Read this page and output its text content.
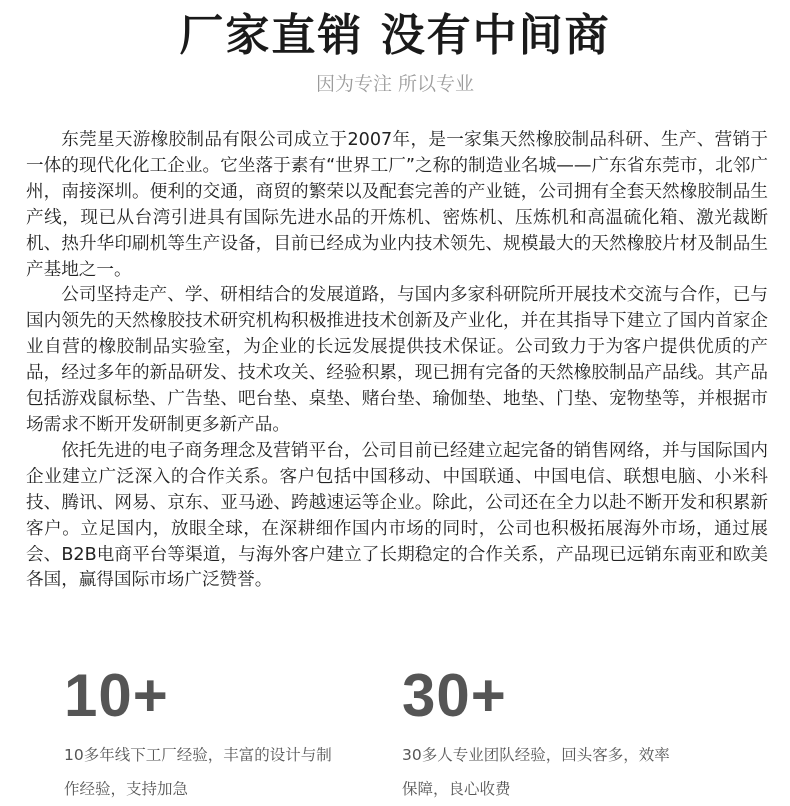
厂家直销 没有中间商
因为专注 所以专业

东莞星天游橡胶制品有限公司成立于2007年，是一家集天然橡胶制品科研、生产、营销于一体的现代化化工企业。它坐落于素有“世界工厂”之称的制造业名城——广东省东莞市，北邻广州，南接深圳。便利的交通，商贸的繁荣以及配套完善的产业链，公司拥有全套天然橡胶制品生产线，现已从台湾引进具有国际先进水品的开炼机、密炼机、压炼机和高温硫化箱、激光裁断机、热升华印刷机等生产设备，目前已经成为业内技术领先、规模最大的天然橡胶片材及制品生产基地之一。

公司坚持走产、学、研相结合的发展道路，与国内多家科研院所开展技术交流与合作，已与国内领先的天然橡胶技术研究机构积极推进技术创新及产业化，并在其指导下建立了国内首家企业自营的橡胶制品实验室，为企业的长远发展提供技术保证。公司致力于为客户提供优质的产品，经过多年的新品研发、技术攻关、经验积累，现已拥有完备的天然橡胶制品产品线。其产品包括游戏鼠标垫、广告垫、吧台垫、桌垫、赌台垫、瑜伽垫、地垫、门垫、宠物垫等，并根据市场需求不断开发研制更多新产品。

依托先进的电子商务理念及营销平台，公司目前已经建立起完备的销售网络，并与国际国内企业建立广泛深入的合作关系。客户包括中国移动、中国联通、中国电信、联想电脑、小米科技、腾讯、网易、京东、亚马逊、跨越速运等企业。除此，公司还在全力以赴不断开发和积累新客户。立足国内，放眼全球，在深耕细作国内市场的同时，公司也积极拓展海外市场，通过展会、B2B电商平台等渠道，与海外客户建立了长期稳定的合作关系，产品现已远销东南亚和欧美各国，赢得国际市场广泛赞誉。

10+
10多年线下工厂经验，丰富的设计与制作经验，支持加急
30+
30多人专业团队经验，回头客多，效率保障，良心收费
